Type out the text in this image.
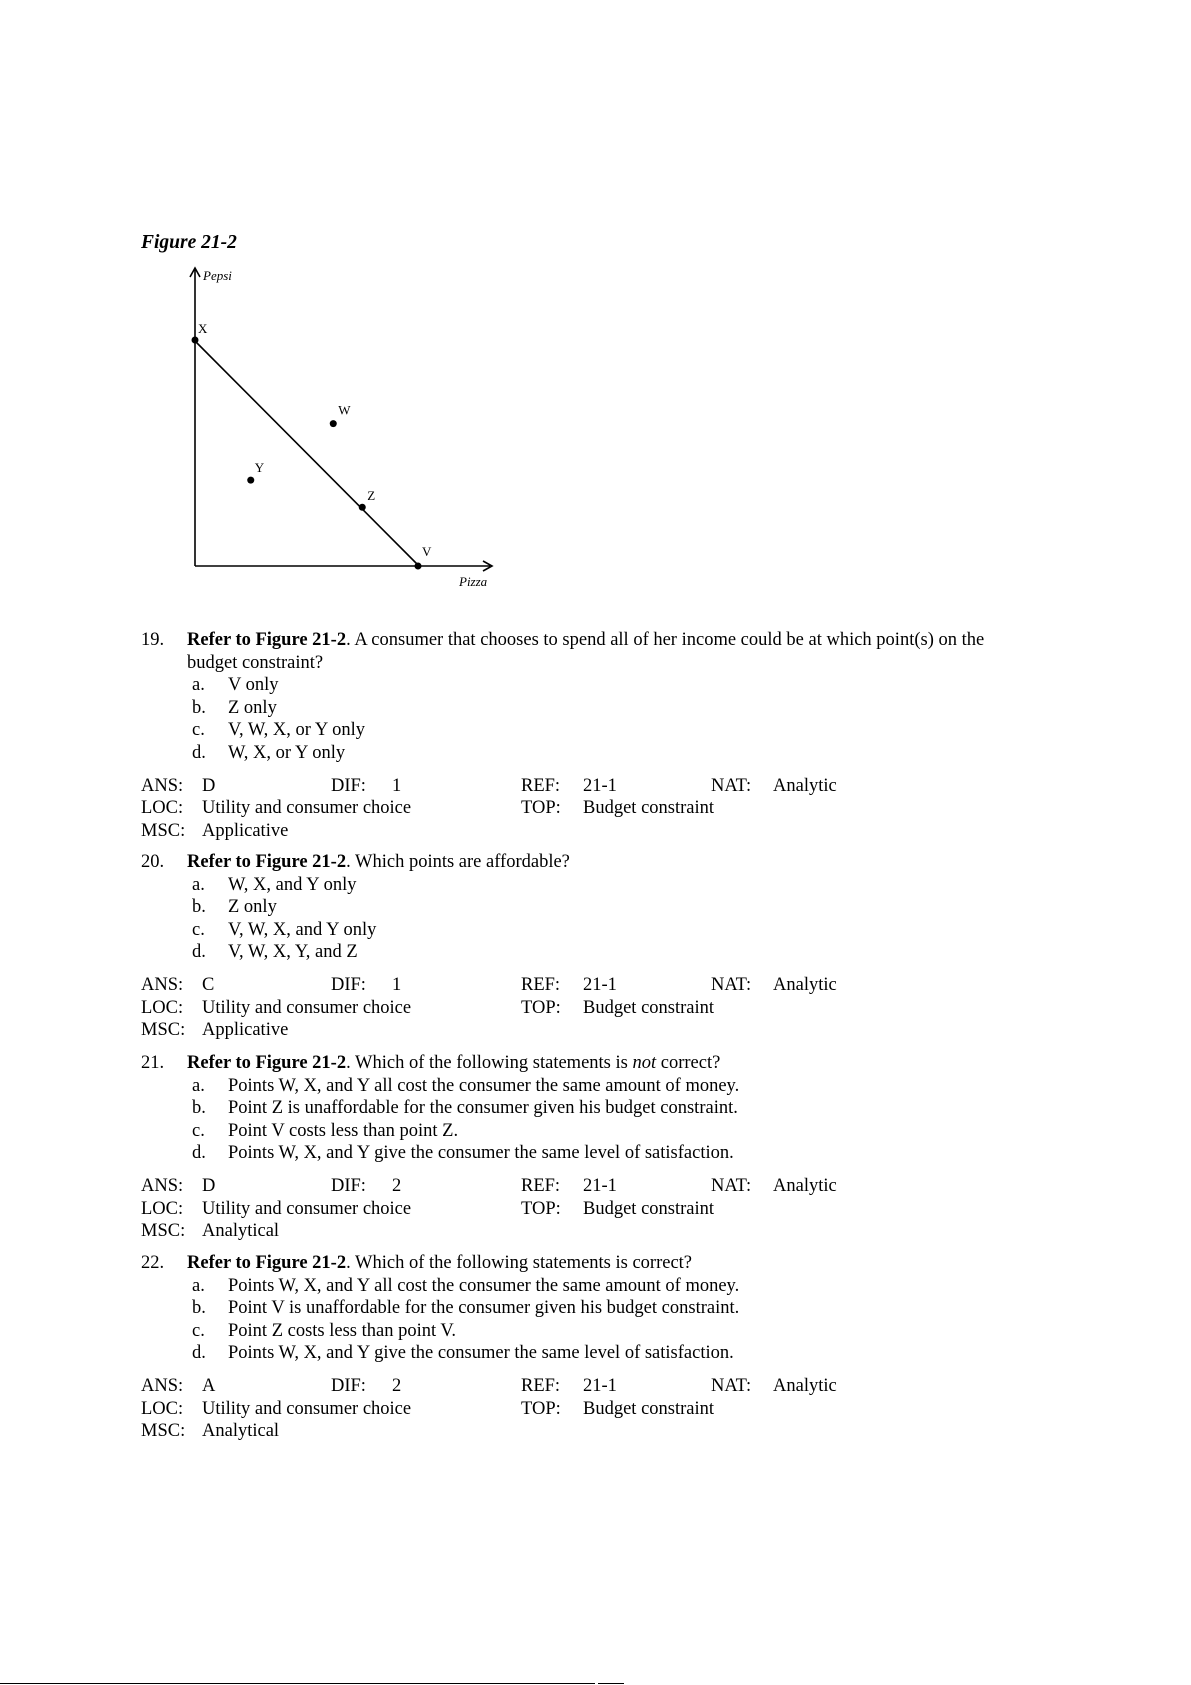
Figure 21-2
Pepsi
Pizza
X
Z
V
W
Y
19. Refer to Figure 21-2. A consumer that chooses to spend all of her income could be at which point(s) on the
budget constraint?
a. V only
b. Z only
c. V, W, X, or Y only
d. W, X, or Y only
ANS: D	DIF: 1	REF: 21-1	NAT: Analytic
LOC: Utility and consumer choice	TOP: Budget constraint
MSC: Applicative
20. Refer to Figure 21-2. Which points are affordable?
a. W, X, and Y only
b. Z only
c. V, W, X, and Y only
d. V, W, X, Y, and Z
ANS: C	DIF: 1	REF: 21-1	NAT: Analytic
LOC: Utility and consumer choice	TOP: Budget constraint
MSC: Applicative
21. Refer to Figure 21-2. Which of the following statements is not correct?
a. Points W, X, and Y all cost the consumer the same amount of money.
b. Point Z is unaffordable for the consumer given his budget constraint.
c. Point V costs less than point Z.
d. Points W, X, and Y give the consumer the same level of satisfaction.
ANS: D	DIF: 2	REF: 21-1	NAT: Analytic
LOC: Utility and consumer choice	TOP: Budget constraint
MSC: Analytical
22. Refer to Figure 21-2. Which of the following statements is correct?
a. Points W, X, and Y all cost the consumer the same amount of money.
b. Point V is unaffordable for the consumer given his budget constraint.
c. Point Z costs less than point V.
d. Points W, X, and Y give the consumer the same level of satisfaction.
ANS: A	DIF: 2	REF: 21-1	NAT: Analytic
LOC: Utility and consumer choice	TOP: Budget constraint
MSC: Analytical
